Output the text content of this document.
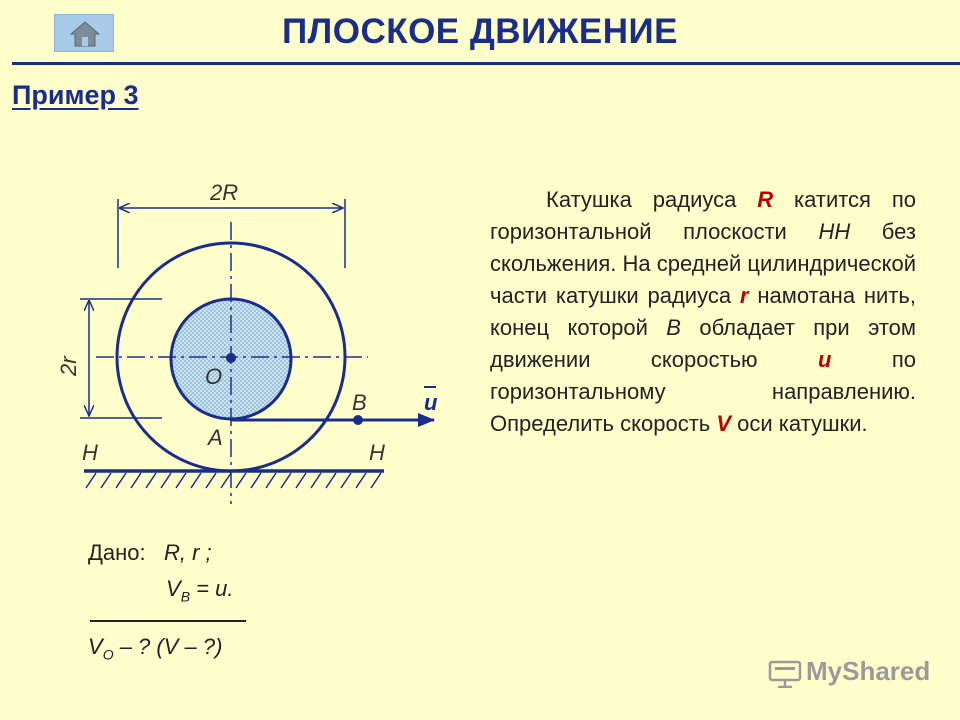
ПЛОСКОЕ ДВИЖЕНИЕ
Пример 3
2R
2r	O
A
B	u
H	H
Катушка радиуса R катится по горизонтальной плоскости HH без скольжения. На средней цилиндрической части катушки радиуса r намотана нить, конец которой B обладает при этом движении скоростью u по горизонтальному направлению. Определить скорость V оси катушки.
Дано: R, r ;
$V_B = u$.
$V_O$ – ? (V – ?)
MyShared
